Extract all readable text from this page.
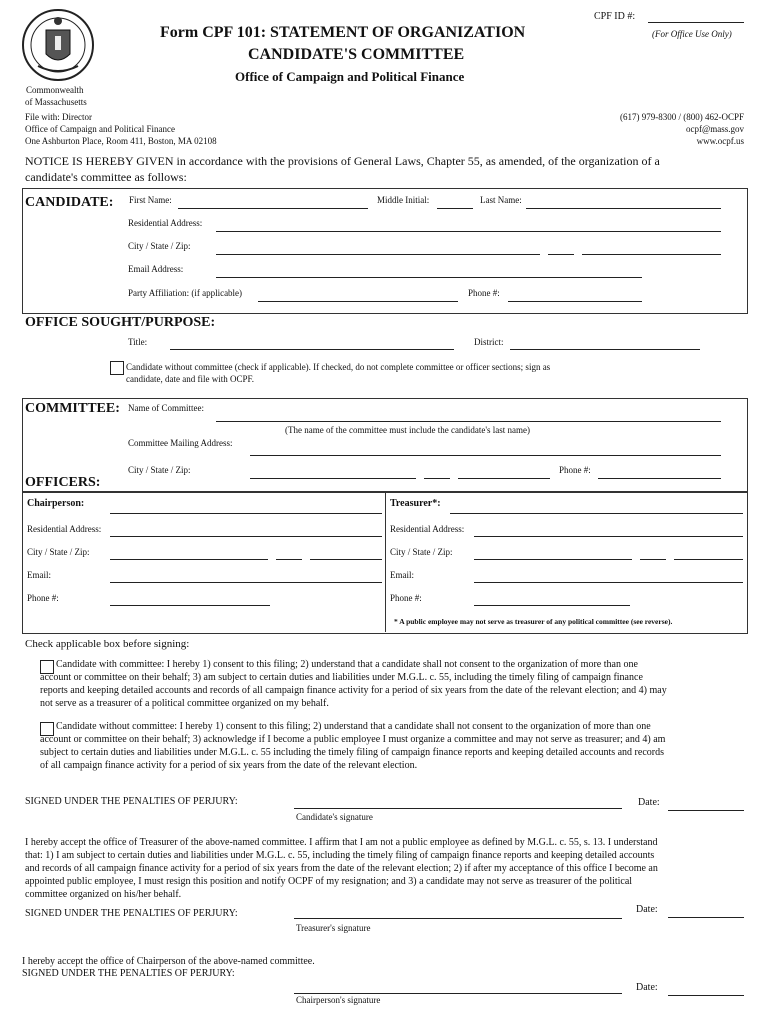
Form CPF 101: STATEMENT OF ORGANIZATION
CANDIDATE'S COMMITTEE
Office of Campaign and Political Finance
CPF ID #:
(For Office Use Only)
Commonwealth
of Massachusetts
File with: Director
Office of Campaign and Political Finance
One Ashburton Place, Room 411, Boston, MA 02108
(617) 979-8300 / (800) 462-OCPF
ocpf@mass.gov
www.ocpf.us
NOTICE IS HEREBY GIVEN in accordance with the provisions of General Laws, Chapter 55, as amended, of the organization of a
candidate's committee as follows:
CANDIDATE: First Name:	Middle Initial:	Last Name:
Residential Address:
City / State / Zip:
Email Address:
Party Affiliation: (if applicable)	Phone #:
OFFICE SOUGHT/PURPOSE:
Title:	District:
Candidate without committee (check if applicable). If checked, do not complete committee or officer sections; sign as
candidate, date and file with OCPF.
COMMITTEE: Name of Committee:
(The name of the committee must include the candidate's last name)
Committee Mailing Address:
City / State / Zip:	Phone #:
OFFICERS:
Chairperson:
Residential Address:
City / State / Zip:
Email:
Phone #:
Treasurer*:
Residential Address:
City / State / Zip:
Email:
Phone #:
* A public employee may not serve as treasurer of any political committee (see reverse).
Check applicable box before signing:
Candidate with committee: I hereby 1) consent to this filing; 2) understand that a candidate shall not consent to the organization of more than one
account or committee on their behalf; 3) am subject to certain duties and liabilities under M.G.L. c. 55, including the timely filing of campaign finance
reports and keeping detailed accounts and records of all campaign finance activity for a period of six years from the date of the relevant election; and 4) may
not serve as a treasurer of a political committee organized on my behalf.
Candidate without committee: I hereby 1) consent to this filing; 2) understand that a candidate shall not consent to the organization of more than one
account or committee on their behalf; 3) acknowledge if I become a public employee I must organize a committee and may not serve as treasurer; and 4) am
subject to certain duties and liabilities under M.G.L. c. 55 including the timely filing of campaign finance reports and keeping detailed accounts and records
of all campaign finance activity for a period of six years from the date of the relevant election.
SIGNED UNDER THE PENALTIES OF PERJURY:
Candidate's signature
Date:
I hereby accept the office of Treasurer of the above-named committee. I affirm that I am not a public employee as defined by M.G.L. c. 55, s. 13. I understand
that: 1) I am subject to certain duties and liabilities under M.G.L. c. 55, including the timely filing of campaign finance reports and keeping detailed accounts
and records of all campaign finance activity for a period of six years from the date of the relevant election; 2) if after my acceptance of this office I become an
appointed public employee, I must resign this position and notify OCPF of my resignation; and 3) a candidate may not serve as treasurer of the political
committee organized on his/her behalf.
SIGNED UNDER THE PENALTIES OF PERJURY:
Treasurer's signature
Date:
I hereby accept the office of Chairperson of the above-named committee.
SIGNED UNDER THE PENALTIES OF PERJURY:
Chairperson's signature
Date:
